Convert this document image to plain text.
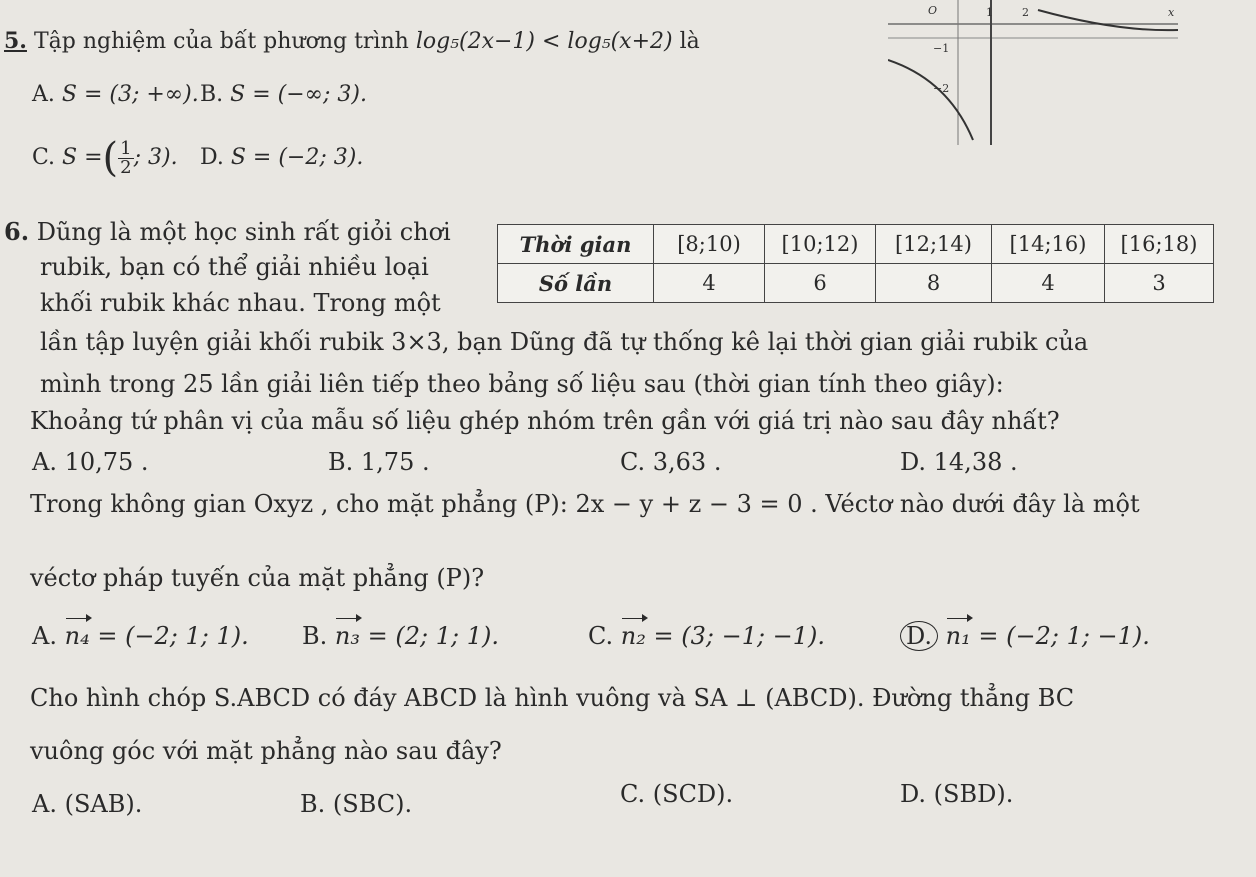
O	1	2	x
−1
−2
5. Tập nghiệm của bất phương trình log₅(2x−1) < log₅(x+2) là
A. S = (3; +∞). B. S = (−∞; 3).
C. S =( $\frac{1}{2}$ ; 3). D. S = (−2; 3).
6. Dũng là một học sinh rất giỏi chơi
rubik, bạn có thể giải nhiều loại
khối rubik khác nhau. Trong một
lần tập luyện giải khối rubik 3×3, bạn Dũng đã tự thống kê lại thời gian giải rubik của
mình trong 25 lần giải liên tiếp theo bảng số liệu sau (thời gian tính theo giây):
Khoảng tứ phân vị của mẫu số liệu ghép nhóm trên gần với giá trị nào sau đây nhất?
Thời gian	[8;10)	[10;12)	[12;14)	[14;16)	[16;18)
Số lần	4	6	8	4	3
A. 10,75 .	B. 1,75 .	C. 3,63 .	D. 14,38 .
Trong không gian Oxyz , cho mặt phẳng (P): 2x − y + z − 3 = 0 . Véctơ nào dưới đây là một
véctơ pháp tuyến của mặt phẳng (P)?
A. n₄ = (−2; 1; 1). B. n₃ = (2; 1; 1).	C. n₂ = (3; −1; −1).	D. n₁ = (−2; 1; −1).
Cho hình chóp S.ABCD có đáy ABCD là hình vuông và SA ⊥ (ABCD). Đường thẳng BC
vuông góc với mặt phẳng nào sau đây?
A. (SAB).	B. (SBC).	C. (SCD).	D. (SBD).
